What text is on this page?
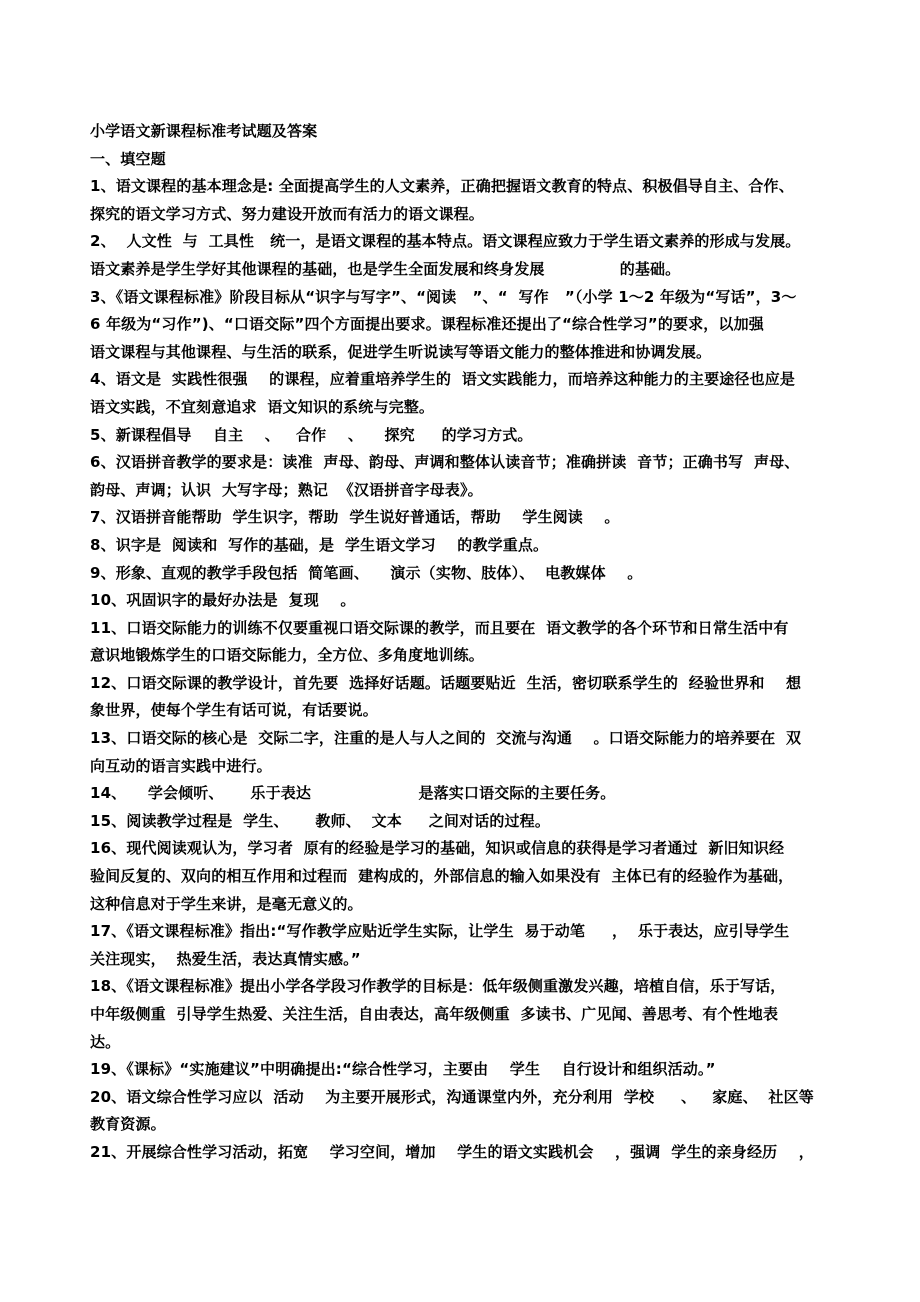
小学语文新课程标准考试题及答案
一、填空题
1、语文课程的基本理念是: 全面提高学生的人文素养，正确把握语文教育的特点、积极倡导自主、合作、
探究的语文学习方式、努力建设开放而有活力的语文课程。
2、  人文性  与  工具性   统一，是语文课程的基本特点。语文课程应致力于学生语文素养的形成与发展。
语文素养是学生学好其他课程的基础，也是学生全面发展和终身发展              的基础。
3、《语文课程标准》阶段目标从“识字与写字”、“阅读   ”、“  写作   ”（小学 1～2 年级为“写话”，3～
6 年级为“习作”)、“口语交际”四个方面提出要求。课程标准还提出了“综合性学习”的要求，以加强
语文课程与其他课程、与生活的联系，促进学生听说读写等语文能力的整体推进和协调发展。
4、语文是  实践性很强    的课程，应着重培养学生的  语文实践能力，而培养这种能力的主要途径也应是
语文实践，不宜刻意追求  语文知识的系统与完整。
5、新课程倡导    自主    、   合作    、    探究     的学习方式。
6、汉语拼音教学的要求是：读准  声母、韵母、声调和整体认读音节；准确拼读  音节；正确书写  声母、
韵母、声调；认识  大写字母；熟记  《汉语拼音字母表》。
7、汉语拼音能帮助  学生识字，帮助  学生说好普通话，帮助    学生阅读    。
8、识字是  阅读和  写作的基础，是  学生语文学习    的教学重点。
9、形象、直观的教学手段包括  简笔画、    演示（实物、肢体）、  电教媒体    。
10、巩固识字的最好办法是  复现    。
11、口语交际能力的训练不仅要重视口语交际课的教学，而且要在  语文教学的各个环节和日常生活中有
意识地锻炼学生的口语交际能力，全方位、多角度地训练。
12、口语交际课的教学设计，首先要  选择好话题。话题要贴近  生活，密切联系学生的  经验世界和    想
象世界，使每个学生有话可说，有话要说。
13、口语交际的核心是  交际二字，注重的是人与人之间的  交流与沟通    。口语交际能力的培养要在  双
向互动的语言实践中进行。
14、    学会倾听、     乐于表达                    是落实口语交际的主要任务。
15、阅读教学过程是  学生、     教师、  文本     之间对话的过程。
16、现代阅读观认为，学习者  原有的经验是学习的基础，知识或信息的获得是学习者通过  新旧知识经
验间反复的、双向的相互作用和过程而  建构成的，外部信息的输入如果没有  主体已有的经验作为基础，
这种信息对于学生来讲，是毫无意义的。
17、《语文课程标准》指出:“写作教学应贴近学生实际，让学生  易于动笔     ，  乐于表达，应引导学生
关注现实，  热爱生活，表达真情实感。”
18、《语文课程标准》提出小学各学段习作教学的目标是：低年级侧重激发兴趣，培植自信，乐于写话，
中年级侧重  引导学生热爱、关注生活，自由表达，高年级侧重  多读书、广见闻、善思考、有个性地表
达。
19、《课标》“实施建议”中明确提出:“综合性学习，主要由    学生    自行设计和组织活动。”
20、语文综合性学习应以  活动    为主要开展形式，沟通课堂内外，充分利用  学校     、   家庭、  社区等
教育资源。
21、开展综合性学习活动，拓宽    学习空间，增加    学生的语文实践机会    ，强调  学生的亲身经历    ，
